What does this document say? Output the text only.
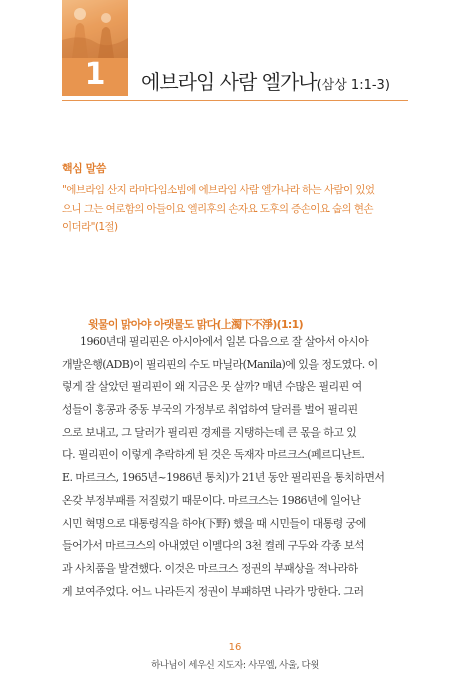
1	에브라임 사람 엘가나(삼상 1:1-3)
핵심 말씀
"에브라임 산지 라마다임소빔에 에브라임 사람 엘가나라 하는 사람이 있었
으니 그는 여로함의 아들이요 엘리후의 손자요 도후의 증손이요 숩의 현손
이더라"(1절)
윗물이 맑아야 아랫물도 맑다(上濁下不淨)(1:1)
1960년대 필리핀은 아시아에서 일본 다음으로 잘 살아서 아시아
개발은행(ADB)이 필리핀의 수도 마닐라(Manila)에 있을 정도였다. 이
렇게 잘 살았던 필리핀이 왜 지금은 못 살까? 매년 수많은 필리핀 여
성들이 홍콩과 중동 부국의 가정부로 취업하여 달러를 벌어 필리핀
으로 보내고, 그 달러가 필리핀 경제를 지탱하는데 큰 몫을 하고 있
다. 필리핀이 이렇게 추락하게 된 것은 독재자 마르크스(페르디난트.
E. 마르크스, 1965년~1986년 통치)가 21년 동안 필리핀을 통치하면서
온갖 부정부패를 저질렀기 때문이다. 마르크스는 1986년에 일어난
시민 혁명으로 대통령직을 하야(下野) 했을 때 시민들이 대통령 궁에
들어가서 마르크스의 아내였던 이멜다의 3천 켤레 구두와 각종 보석
과 사치품을 발견했다. 이것은 마르크스 정권의 부패상을 적나라하
게 보여주었다. 어느 나라든지 정권이 부패하면 나라가 망한다. 그러
16
하나님이 세우신 지도자: 사무엘, 사울, 다윗
